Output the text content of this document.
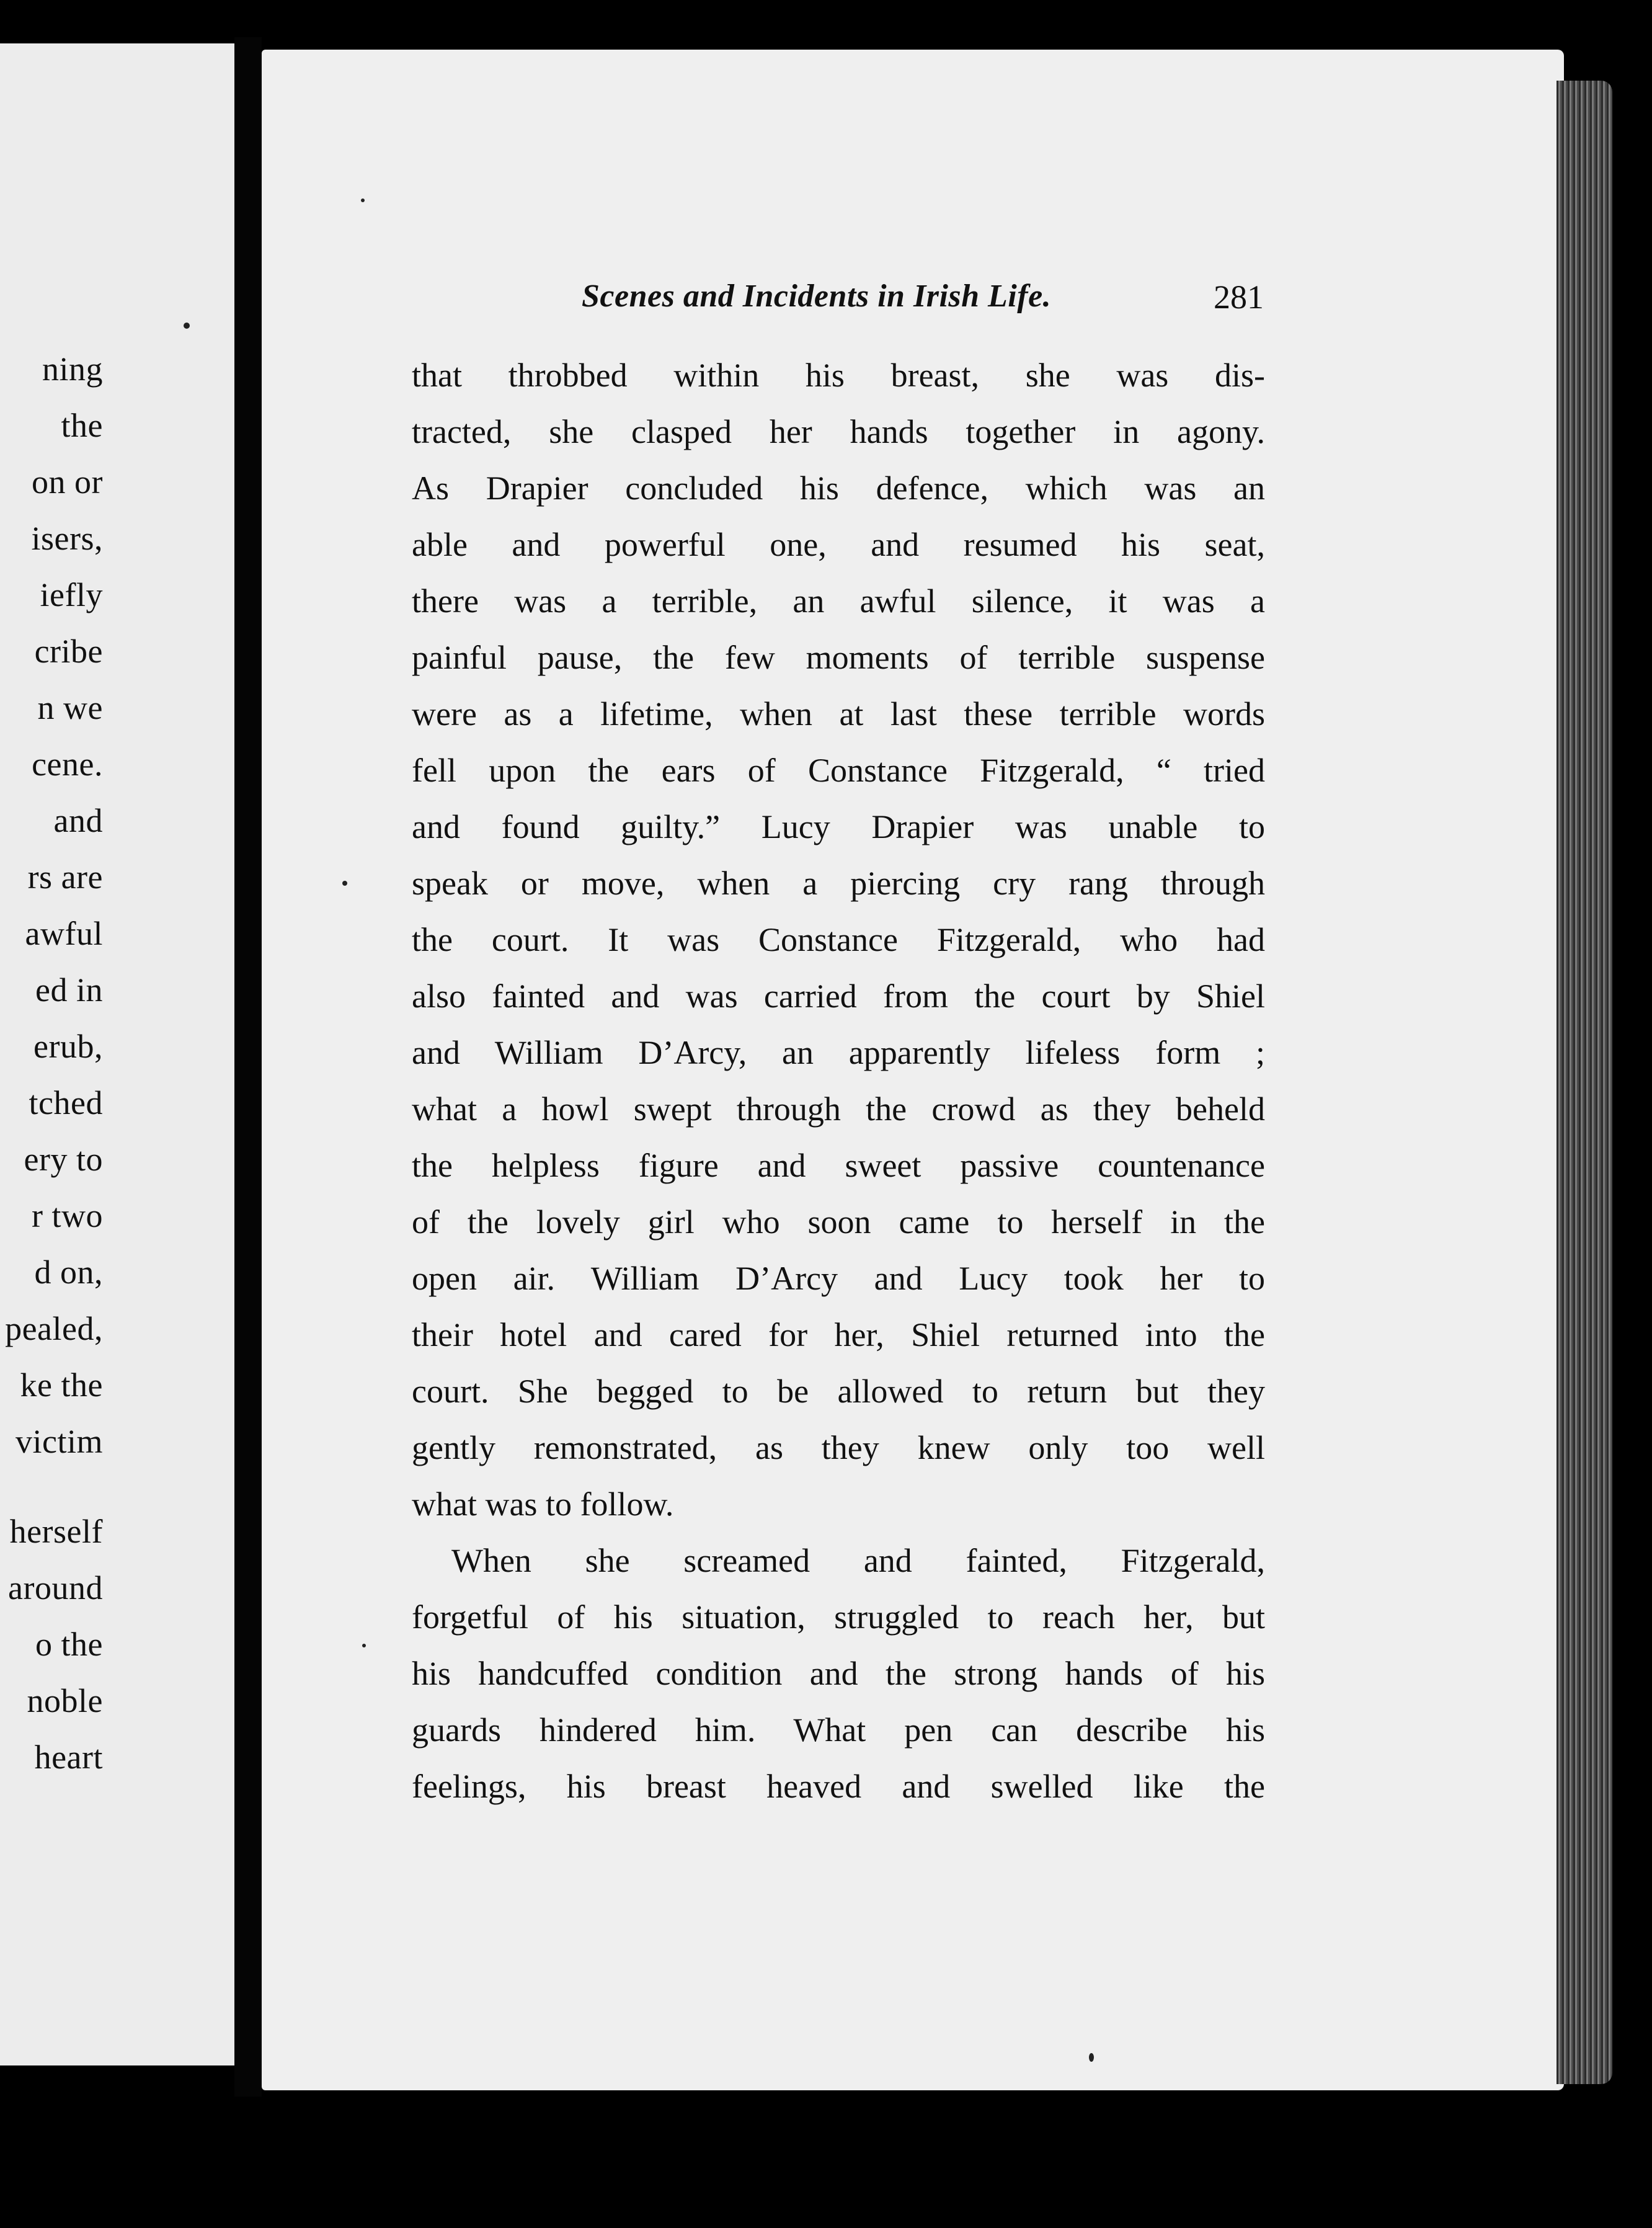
ning
the
on or
isers,
iefly
cribe
n we
cene.
and
rs are
awful
ed in
erub,
tched
ery to
r two
d on,
pealed,
ke the
victim
herself
around
o the
noble
heart
Scenes and Incidents in Irish Life.	281
that throbbed within his breast, she was dis-
tracted, she clasped her hands together in agony.
As Drapier concluded his defence, which was an
able and powerful one, and resumed his seat,
there was a terrible, an awful silence, it was a
painful pause, the few moments of terrible suspense
were as a lifetime, when at last these terrible words
fell upon the ears of Constance Fitzgerald, “ tried
and found guilty.” Lucy Drapier was unable to
speak or move, when a piercing cry rang through
the court. It was Constance Fitzgerald, who had
also fainted and was carried from the court by Shiel
and William D’Arcy, an apparently lifeless form ;
what a howl swept through the crowd as they beheld
the helpless figure and sweet passive countenance
of the lovely girl who soon came to herself in the
open air. William D’Arcy and Lucy took her to
their hotel and cared for her, Shiel returned into the
court. She begged to be allowed to return but they
gently remonstrated, as they knew only too well
what was to follow.
When she screamed and fainted, Fitzgerald,
forgetful of his situation, struggled to reach her, but
his handcuffed condition and the strong hands of his
guards hindered him. What pen can describe his
feelings, his breast heaved and swelled like the
